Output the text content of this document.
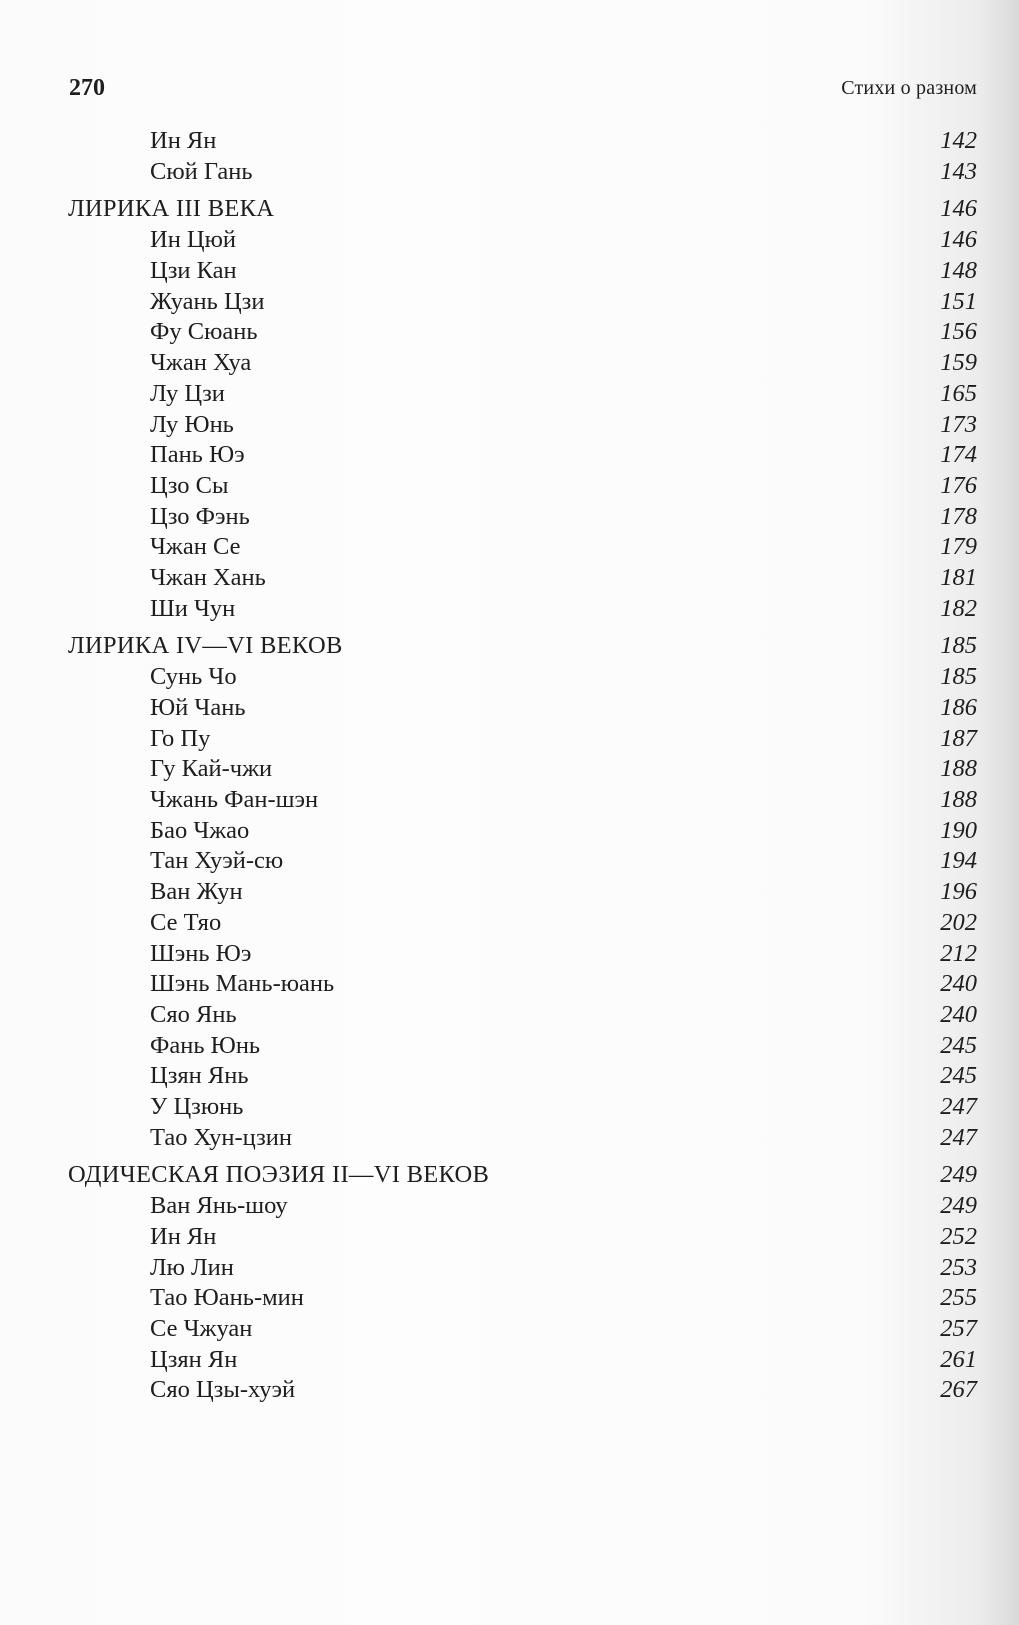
270	Стихи о разном
Ин Ян	142
Сюй Гань	143
ЛИРИКА III ВЕКА	146
Ин Цюй	146
Цзи Кан	148
Жуань Цзи	151
Фу Сюань	156
Чжан Хуа	159
Лу Цзи	165
Лу Юнь	173
Пань Юэ	174
Цзо Сы	176
Цзо Фэнь	178
Чжан Се	179
Чжан Хань	181
Ши Чун	182
ЛИРИКА IV—VI ВЕКОВ	185
Сунь Чо	185
Юй Чань	186
Го Пу	187
Гу Кай-чжи	188
Чжань Фан-шэн	188
Бао Чжао	190
Тан Хуэй-сю	194
Ван Жун	196
Се Тяо	202
Шэнь Юэ	212
Шэнь Мань-юань	240
Сяо Янь	240
Фань Юнь	245
Цзян Янь	245
У Цзюнь	247
Тао Хун-цзин	247
ОДИЧЕСКАЯ ПОЭЗИЯ II—VI ВЕКОВ	249
Ван Янь-шоу	249
Ин Ян	252
Лю Лин	253
Тао Юань-мин	255
Се Чжуан	257
Цзян Ян	261
Сяо Цзы-хуэй	267
